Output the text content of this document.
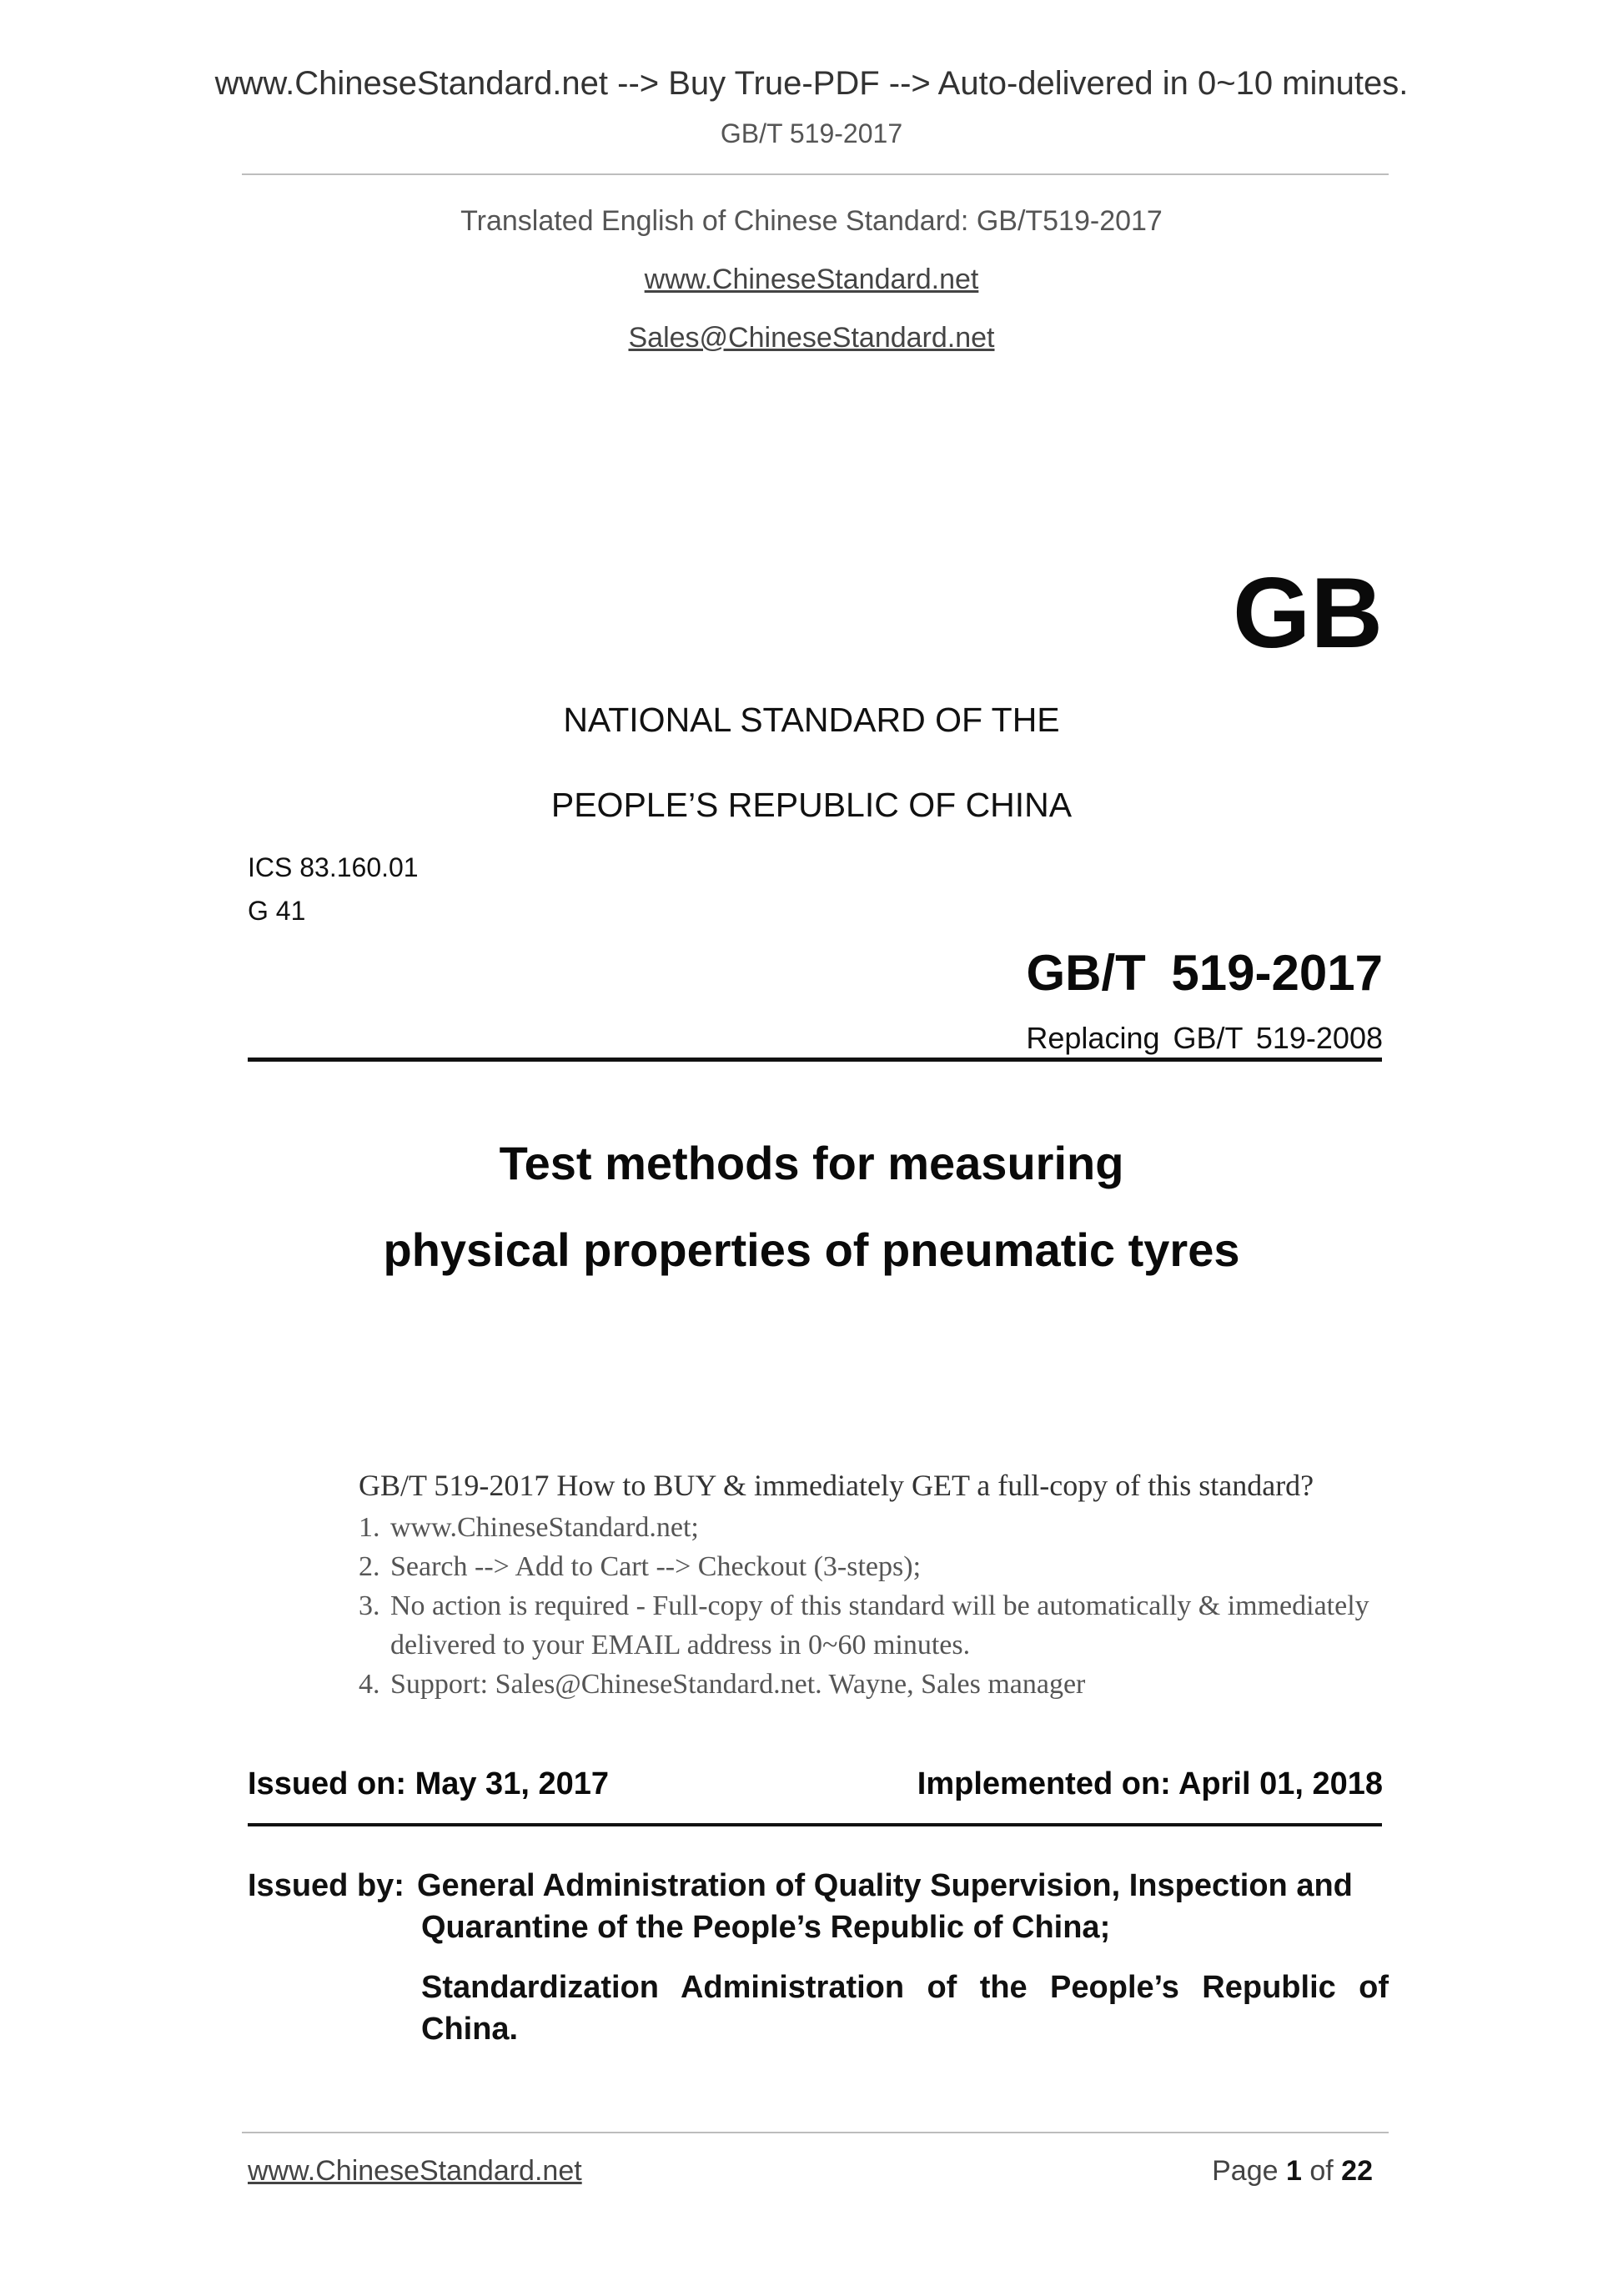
www.ChineseStandard.net --> Buy True-PDF --> Auto-delivered in 0~10 minutes.
GB/T 519-2017
Translated English of Chinese Standard: GB/T519-2017
www.ChineseStandard.net
Sales@ChineseStandard.net
GB
NATIONAL STANDARD OF THE
PEOPLE’S REPUBLIC OF CHINA
ICS 83.160.01
G 41
GB/T 519-2017
Replacing GB/T 519-2008
Test methods for measuring
physical properties of pneumatic tyres
GB/T 519-2017 How to BUY & immediately GET a full-copy of this standard?
1. www.ChineseStandard.net;
2. Search --> Add to Cart --> Checkout (3-steps);
3. No action is required - Full-copy of this standard will be automatically & immediately delivered to your EMAIL address in 0~60 minutes.
4. Support: Sales@ChineseStandard.net. Wayne, Sales manager
Issued on: May 31, 2017	Implemented on: April 01, 2018
Issued by: General Administration of Quality Supervision, Inspection and Quarantine of the People’s Republic of China;
Standardization Administration of the People’s Republic of China.
www.ChineseStandard.net	Page 1 of 22
